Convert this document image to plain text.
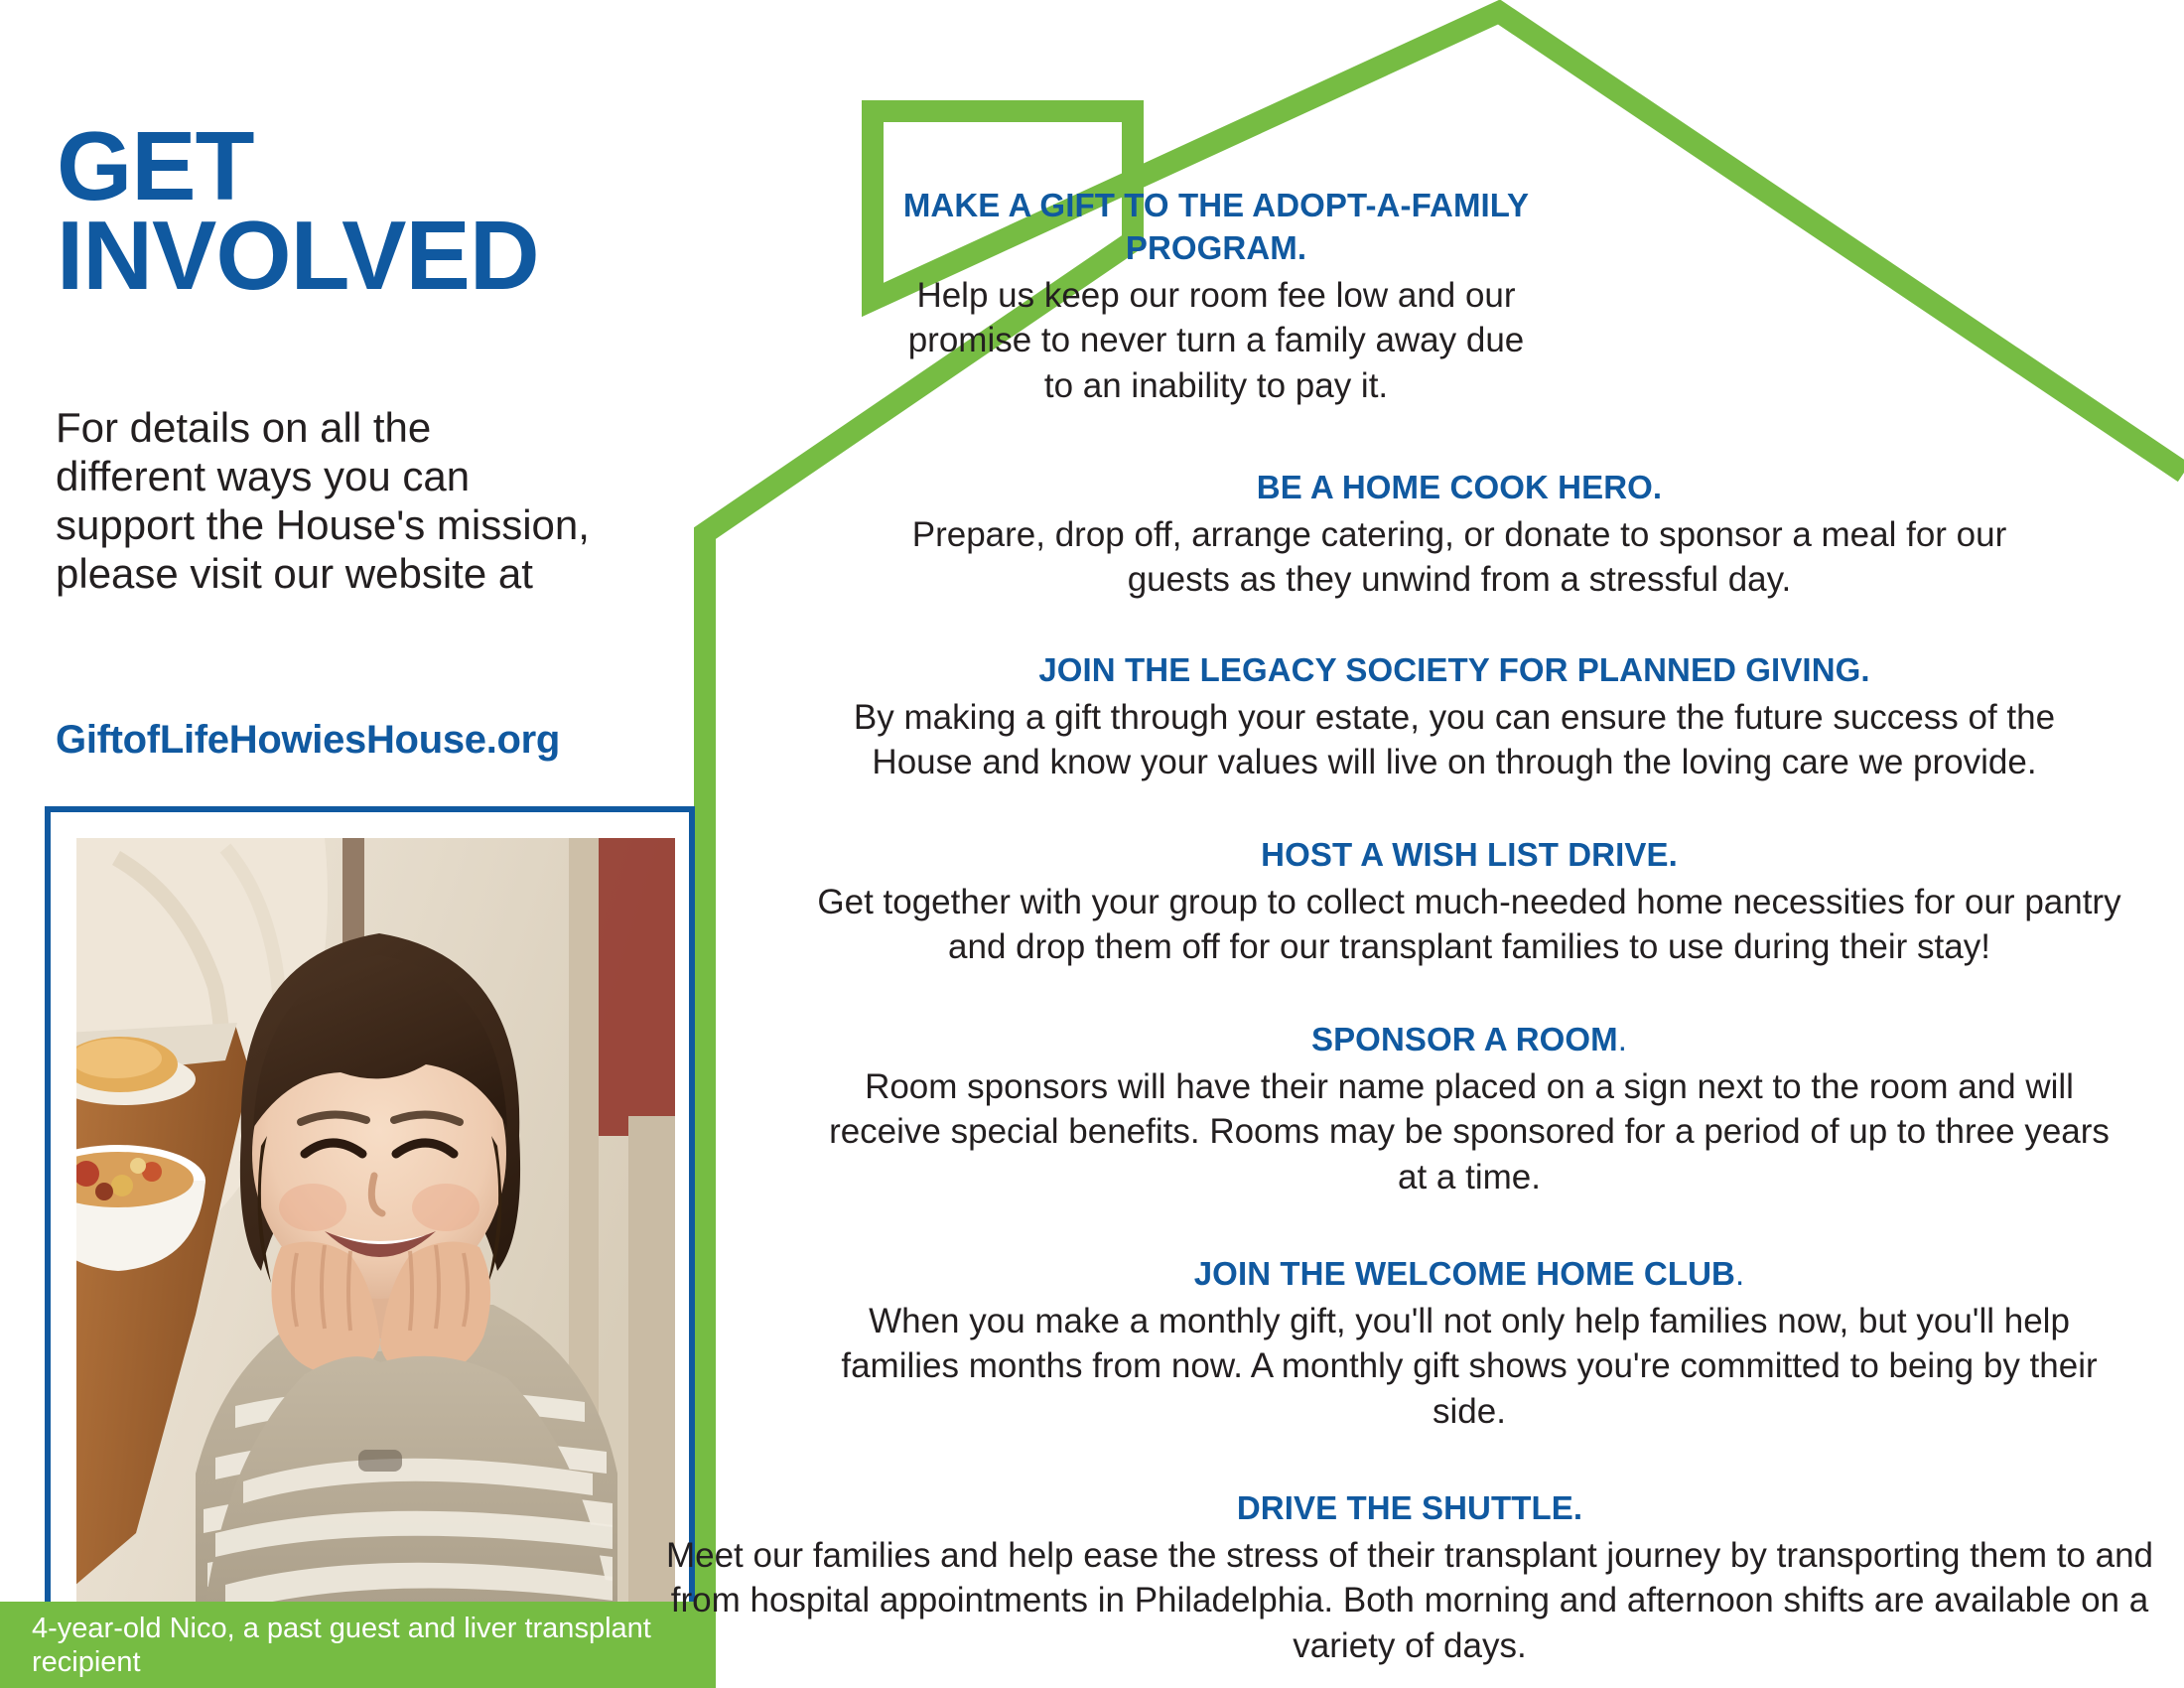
GET
INVOLVED

For details on all the different ways you can support the House's mission, please visit our website at

GiftofLifeHowiesHouse.org

4-year-old Nico, a past guest and liver transplant recipient

MAKE A GIFT TO THE ADOPT-A-FAMILY PROGRAM.

Help us keep our room fee low and our promise to never turn a family away due to an inability to pay it.

BE A HOME COOK HERO.

Prepare, drop off, arrange catering, or donate to sponsor a meal for our guests as they unwind from a stressful day.

JOIN THE LEGACY SOCIETY FOR PLANNED GIVING.

By making a gift through your estate, you can ensure the future success of the House and know your values will live on through the loving care we provide.

HOST A WISH LIST DRIVE.

Get together with your group to collect much-needed home necessities for our pantry and drop them off for our transplant families to use during their stay!

SPONSOR A ROOM.

Room sponsors will have their name placed on a sign next to the room and will receive special benefits. Rooms may be sponsored for a period of up to three years at a time.

JOIN THE WELCOME HOME CLUB.

When you make a monthly gift, you'll not only help families now, but you'll help families months from now. A monthly gift shows you're committed to being by their side.

DRIVE THE SHUTTLE.

Meet our families and help ease the stress of their transplant journey by transporting them to and from hospital appointments in Philadelphia. Both morning and afternoon shifts are available on a variety of days.
